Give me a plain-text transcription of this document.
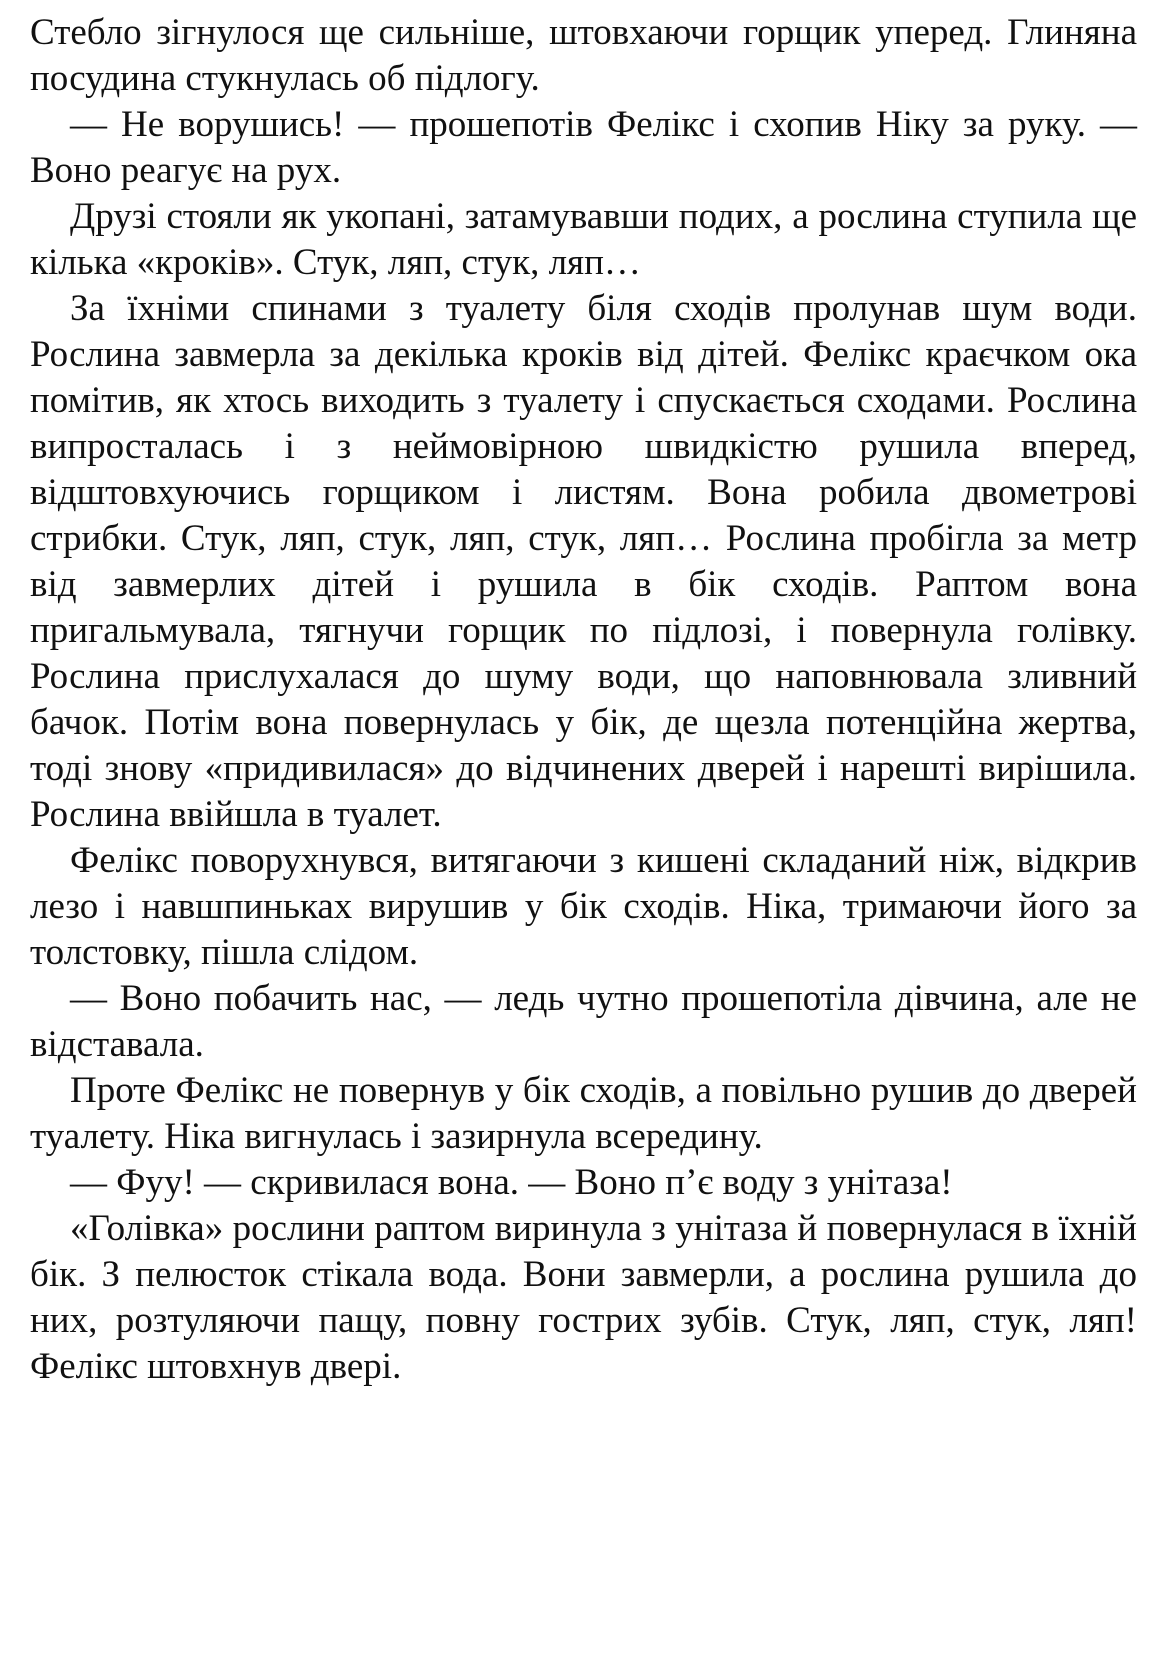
Стебло зігнулося ще сильніше, штовхаючи горщик уперед. Глиняна посудина стукнулась об підлогу.

— Не ворушись! — прошепотів Фелікс і схопив Ніку за руку. — Воно реагує на рух.

Друзі стояли як укопані, затамувавши подих, а рослина ступила ще кілька «кроків». Стук, ляп, стук, ляп…

За їхніми спинами з туалету біля сходів пролунав шум води. Рослина завмерла за декілька кроків від дітей. Фелікс краєчком ока помітив, як хтось виходить з туалету і спускається сходами. Рослина випросталась і з неймовірною швидкістю рушила вперед, відштовхуючись горщиком і листям. Вона робила двометрові стрибки. Стук, ляп, стук, ляп, стук, ляп… Рослина пробігла за метр від завмерлих дітей і рушила в бік сходів. Раптом вона пригальмувала, тягнучи горщик по підлозі, і повернула голівку. Рослина прислухалася до шуму води, що наповнювала зливний бачок. Потім вона повернулась у бік, де щезла потенційна жертва, тоді знову «придивилася» до відчинених дверей і нарешті вирішила. Рослина ввійшла в туалет.

Фелікс поворухнувся, витягаючи з кишені складаний ніж, відкрив лезо і навшпиньках вирушив у бік сходів. Ніка, тримаючи його за толстовку, пішла слідом.

— Воно побачить нас, — ледь чутно прошепотіла дівчина, але не відставала.

Проте Фелікс не повернув у бік сходів, а повільно рушив до дверей туалету. Ніка вигнулась і зазирнула всередину.

— Фуу! — скривилася вона. — Воно п’є воду з унітаза!

«Голівка» рослини раптом виринула з унітаза й повернулася в їхній бік. З пелюсток стікала вода. Вони завмерли, а рослина рушила до них, розтуляючи пащу, повну гострих зубів. Стук, ляп, стук, ляп! Фелікс штовхнув двері.
